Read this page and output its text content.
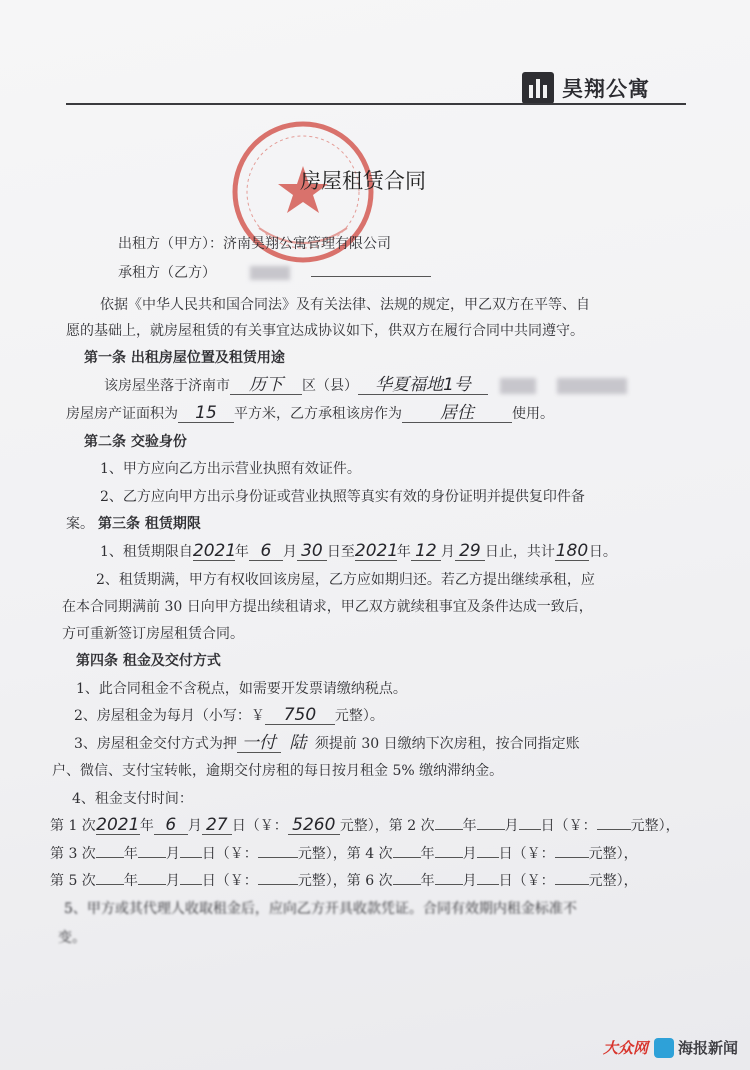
昊翔公寓
房屋租赁合同
出租方（甲方）：济南昊翔公寓管理有限公司
承租方（乙方）
依据《中华人民共和国合同法》及有关法律、法规的规定，甲乙双方在平等、自
愿的基础上，就房屋租赁的有关事宜达成协议如下，供双方在履行合同中共同遵守。
第一条 出租房屋位置及租赁用途
该房屋坐落于济南市 历下 区（县） 华夏福地1号
房屋房产证面积为 15 平方米，乙方承租该房作为 居住	使用。
第二条 交验身份
1、甲方应向乙方出示营业执照有效证件。
2、乙方应向甲方出示身份证或营业执照等真实有效的身份证明并提供复印件备
案。 第三条 租赁期限
1、租赁期限自2021年 6 月 30 日至2021年 12 月 29 日止，共计180日。
2、租赁期满，甲方有权收回该房屋，乙方应如期归还。若乙方提出继续承租，应
在本合同期满前 30 日向甲方提出续租请求，甲乙双方就续租事宜及条件达成一致后，
方可重新签订房屋租赁合同。
第四条 租金及交付方式
1、此合同租金不含税点，如需要开发票请缴纳税点。
2、房屋租金为每月（小写：￥ 750 元整）。
3、房屋租金交付方式为押 一付 陆 须提前 30 日缴纳下次房租，按合同指定账
户、微信、支付宝转帐，逾期交付房租的每日按月租金 5% 缴纳滞纳金。
4、租金支付时间：
第 1 次2021年 6 月 27 日（￥： 5260 元整），第 2 次 年 月 日（￥： 元整），
第 3 次 年 月 日（￥：	元整），第 4 次 年 月 日（￥： 元整），
第 5 次 年 月 日（￥：	元整），第 6 次 年 月 日（￥： 元整），
5、甲方或其代理人收取租金后，应向乙方开具收款凭证。合同有效期内租金标准不
变。
大众网 海报新闻
